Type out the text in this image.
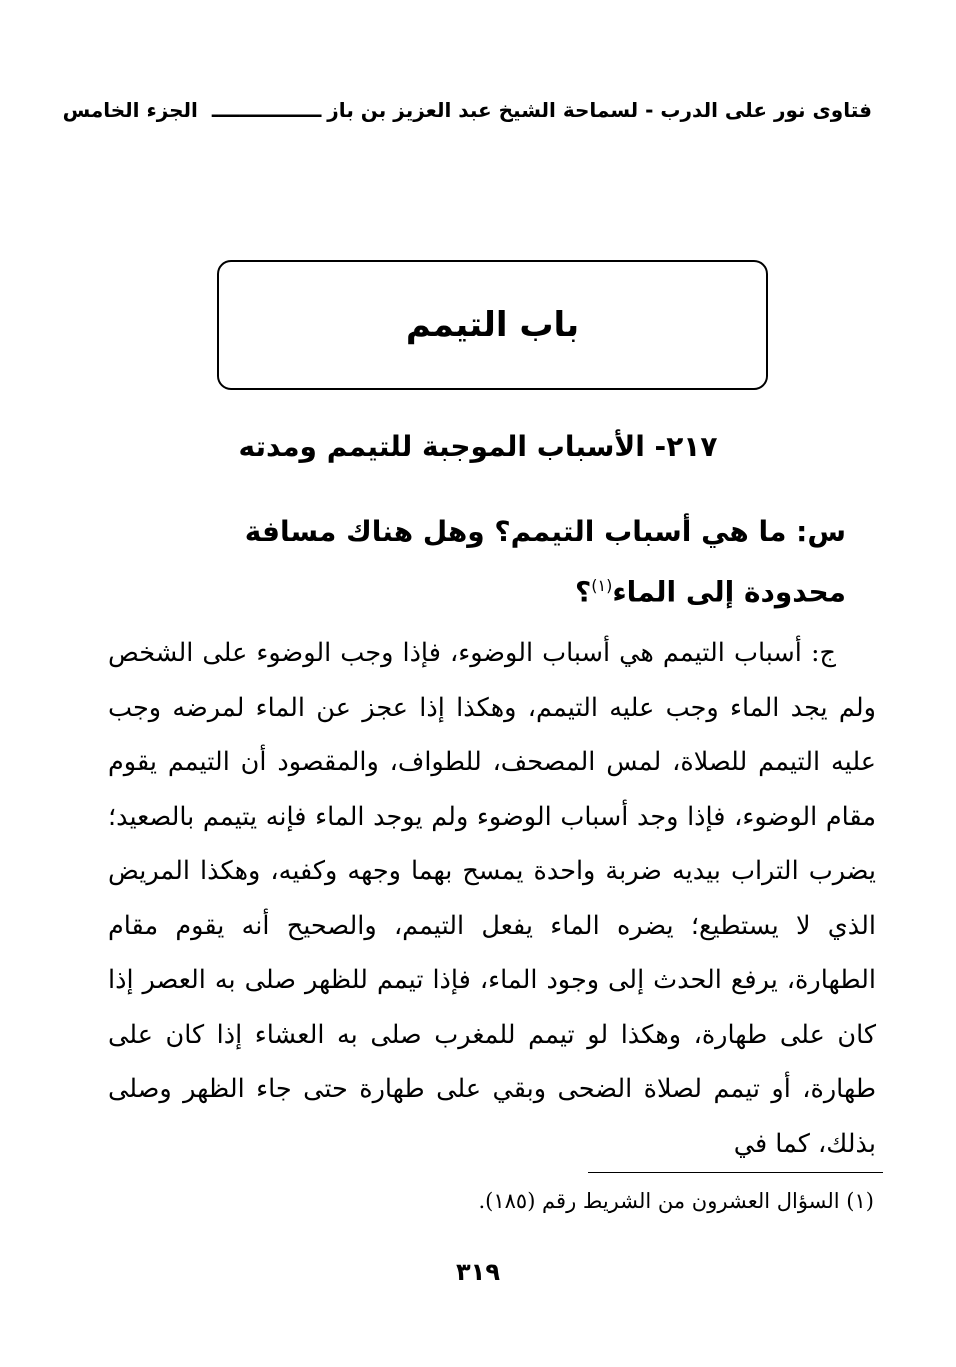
فتاوى نور على الدرب - لسماحة الشيخ عبد العزيز بن باز
ــــــــــــــــ
الجزء الخامس
باب التيمم
٢١٧- الأسباب الموجبة للتيمم ومدته
س: ما هي أسباب التيمم؟ وهل هناك مسافة محدودة إلى الماء$^{(١)}$؟

ج: أسباب التيمم هي أسباب الوضوء، فإذا وجب الوضوء على الشخص ولم يجد الماء وجب عليه التيمم، وهكذا إذا عجز عن الماء لمرضه وجب عليه التيمم للصلاة، لمس المصحف، للطواف، والمقصود أن التيمم يقوم مقام الوضوء، فإذا وجد أسباب الوضوء ولم يوجد الماء فإنه يتيمم بالصعيد؛ يضرب التراب بيديه ضربة واحدة يمسح بهما وجهه وكفيه، وهكذا المريض الذي لا يستطيع؛ يضره الماء يفعل التيمم، والصحيح أنه يقوم مقام الطهارة، يرفع الحدث إلى وجود الماء، فإذا تيمم للظهر صلى به العصر إذا كان على طهارة، وهكذا لو تيمم للمغرب صلى به العشاء إذا كان على طهارة، أو تيمم لصلاة الضحى وبقي على طهارة حتى جاء الظهر وصلى بذلك، كما في

(١) السؤال العشرون من الشريط رقم (١٨٥).
٣١٩
